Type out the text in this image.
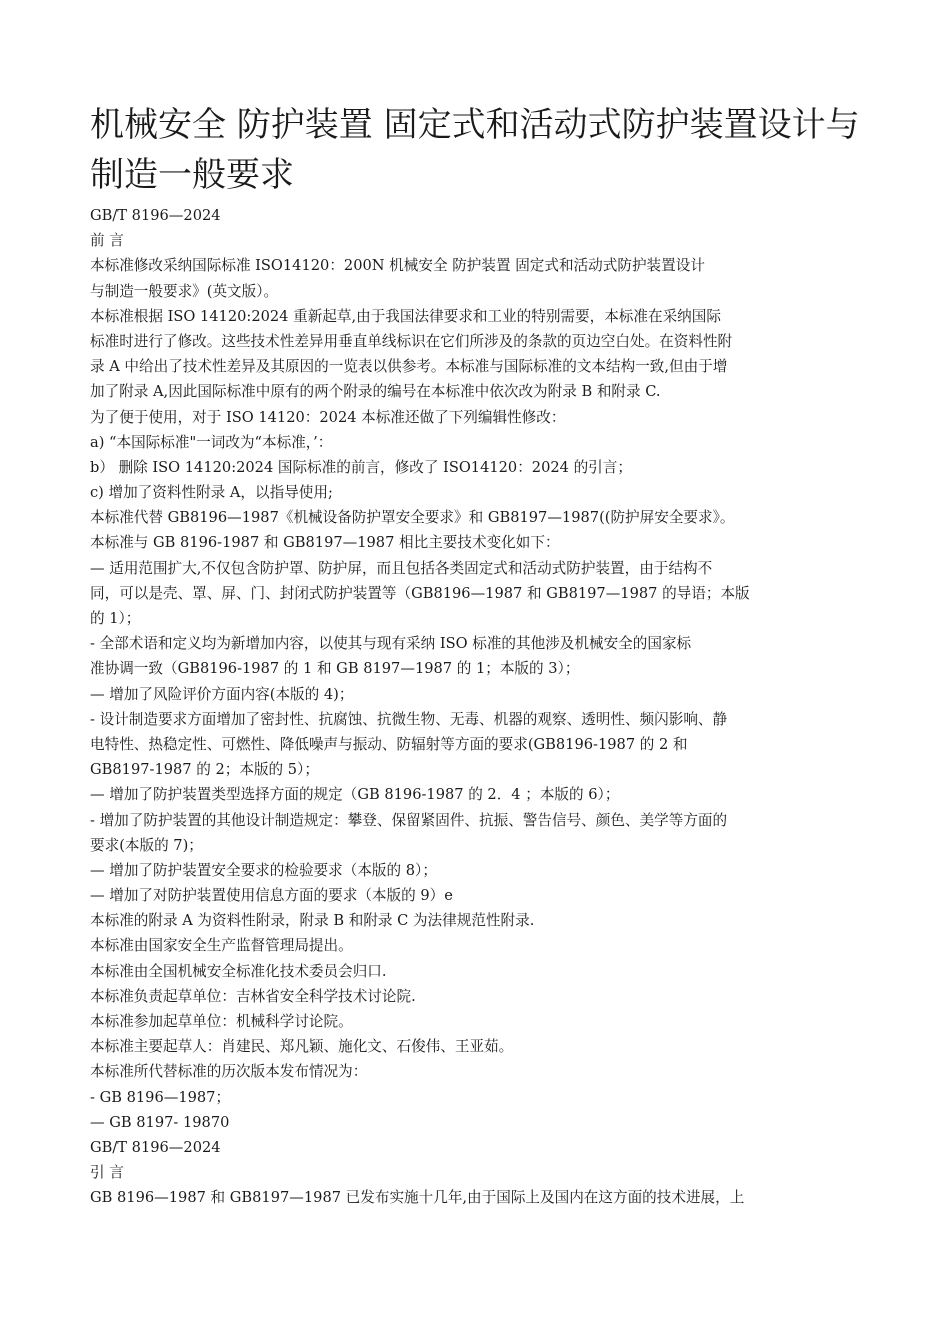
机械安全 防护装置 固定式和活动式防护装置设计与制造一般要求
GB/T 8196—2024
前 言
本标准修改采纳国际标准 ISO14120：200N 机械安全 防护装置 固定式和活动式防护装置设计
与制造一般要求》(英文版）。
本标准根据 ISO 14120:2024 重新起草,由于我国法律要求和工业的特别需要，本标准在采纳国际
标准时进行了修改。这些技术性差异用垂直单线标识在它们所涉及的条款的页边空白处。在资料性附
录 A 中给出了技术性差异及其原因的一览表以供参考。本标准与国际标准的文本结构一致,但由于增
加了附录 A,因此国际标准中原有的两个附录的编号在本标准中依次改为附录 B 和附录 C.
为了便于使用，对于 ISO 14120：2024 本标准还做了下列编辑性修改：
a) “本国际标准"一词改为“本标准，’：
b） 删除 ISO 14120:2024 国际标准的前言，修改了 ISO14120：2024 的引言；
c) 增加了资料性附录 A，以指导使用;
本标准代替 GB8196—1987《机械设备防护罩安全要求》和 GB8197—1987((防护屏安全要求》。
本标准与 GB 8196-1987 和 GB8197—1987 相比主要技术变化如下：
— 适用范围扩大,不仅包含防护罩、防护屏，而且包括各类固定式和活动式防护装置，由于结构不
同，可以是壳、罩、屏、门、封闭式防护装置等（GB8196—1987 和 GB8197—1987 的导语；本版
的 1）；
- 全部术语和定义均为新增加内容，以使其与现有采纳 ISO 标准的其他涉及机械安全的国家标
准协调一致（GB8196-1987 的 1 和 GB 8197—1987 的 1；本版的 3）；
— 增加了风险评价方面内容(本版的 4)；
- 设计制造要求方面增加了密封性、抗腐蚀、抗微生物、无毒、机器的观察、透明性、频闪影响、静
电特性、热稳定性、可燃性、降低噪声与振动、防辐射等方面的要求(GB8196-1987 的 2 和
GB8197-1987 的 2；本版的 5）；
— 增加了防护装置类型选择方面的规定（GB 8196-1987 的 2．4 ；本版的 6）；
- 增加了防护装置的其他设计制造规定：攀登、保留紧固件、抗振、警告信号、颜色、美学等方面的
要求(本版的 7)；
— 增加了防护装置安全要求的检验要求（本版的 8）；
— 增加了对防护装置使用信息方面的要求（本版的 9）e
本标准的附录 A 为资料性附录，附录 B 和附录 C 为法律规范性附录.
本标准由国家安全生产监督管理局提出。
本标准由全国机械安全标准化技术委员会归口.
本标准负责起草单位：吉林省安全科学技术讨论院.
本标准参加起草单位：机械科学讨论院。
本标准主要起草人：肖建民、郑凡颖、施化文、石俊伟、王亚茹。
本标准所代替标准的历次版本发布情况为：
- GB 8196—1987；
— GB 8197- 19870
GB/T 8196—2024
引 言
GB 8196—1987 和 GB8197—1987 已发布实施十几年,由于国际上及国内在这方面的技术进展，上
